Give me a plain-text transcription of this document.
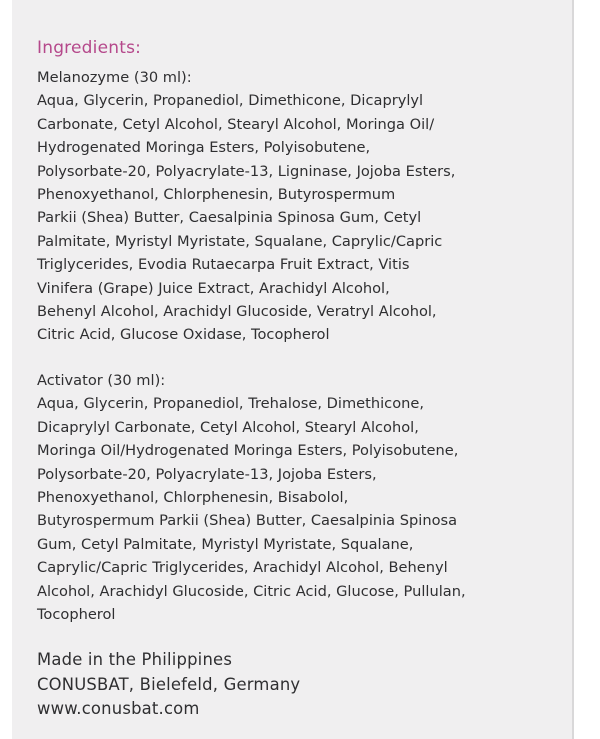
Ingredients:

Melanozyme (30 ml):

Aqua, Glycerin, Propanediol, Dimethicone, Dicaprylyl
Carbonate, Cetyl Alcohol, Stearyl Alcohol, Moringa Oil/
Hydrogenated Moringa Esters, Polyisobutene,
Polysorbate-20, Polyacrylate-13, Ligninase, Jojoba Esters,
Phenoxyethanol, Chlorphenesin, Butyrospermum
Parkii (Shea) Butter, Caesalpinia Spinosa Gum, Cetyl
Palmitate, Myristyl Myristate, Squalane, Caprylic/Capric
Triglycerides, Evodia Rutaecarpa Fruit Extract, Vitis
Vinifera (Grape) Juice Extract, Arachidyl Alcohol,
Behenyl Alcohol, Arachidyl Glucoside, Veratryl Alcohol,
Citric Acid, Glucose Oxidase, Tocopherol

Activator (30 ml):

Aqua, Glycerin, Propanediol, Trehalose, Dimethicone,
Dicaprylyl Carbonate, Cetyl Alcohol, Stearyl Alcohol,
Moringa Oil/Hydrogenated Moringa Esters, Polyisobutene,
Polysorbate-20, Polyacrylate-13, Jojoba Esters,
Phenoxyethanol, Chlorphenesin, Bisabolol,
Butyrospermum Parkii (Shea) Butter, Caesalpinia Spinosa
Gum, Cetyl Palmitate, Myristyl Myristate, Squalane,
Caprylic/Capric Triglycerides, Arachidyl Alcohol, Behenyl
Alcohol, Arachidyl Glucoside, Citric Acid, Glucose, Pullulan,
Tocopherol

Made in the Philippines

CONUSBAT, Bielefeld, Germany

www.conusbat.com
